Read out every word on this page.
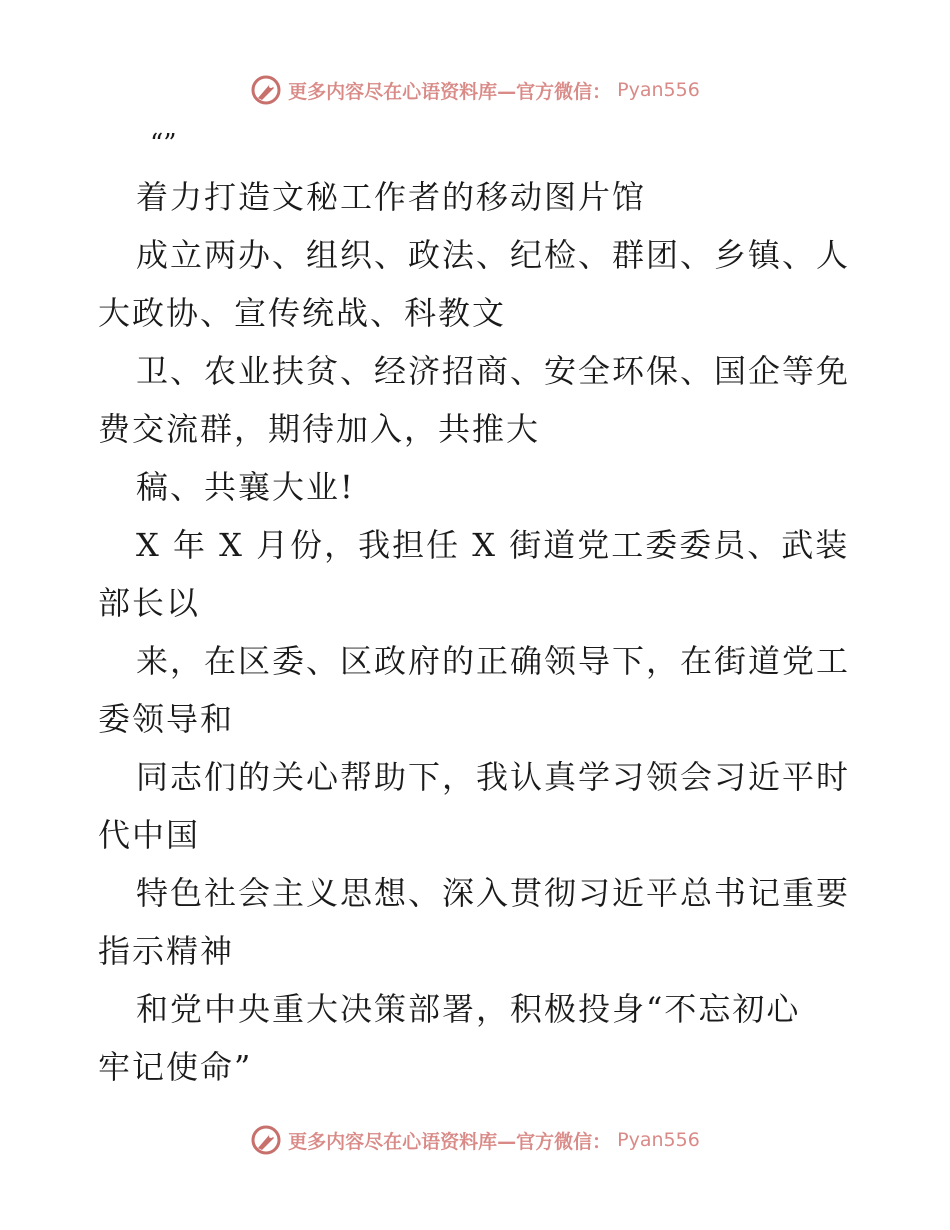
更多内容尽在心语资料库—官方微信： Pyan556
“”
着力打造文秘工作者的移动图片馆
成立两办、组织、政法、纪检、群团、乡镇、人
大政协、宣传统战、科教文
卫、农业扶贫、经济招商、安全环保、国企等免
费交流群，期待加入，共推大
稿、共襄大业!
X 年 X 月份，我担任 X 街道党工委委员、武装
部长以
来，在区委、区政府的正确领导下，在街道党工
委领导和
同志们的关心帮助下，我认真学习领会习近平时
代中国
特色社会主义思想、深入贯彻习近平总书记重要
指示精神
和党中央重大决策部署，积极投身“不忘初心
牢记使命”
更多内容尽在心语资料库—官方微信： Pyan556
